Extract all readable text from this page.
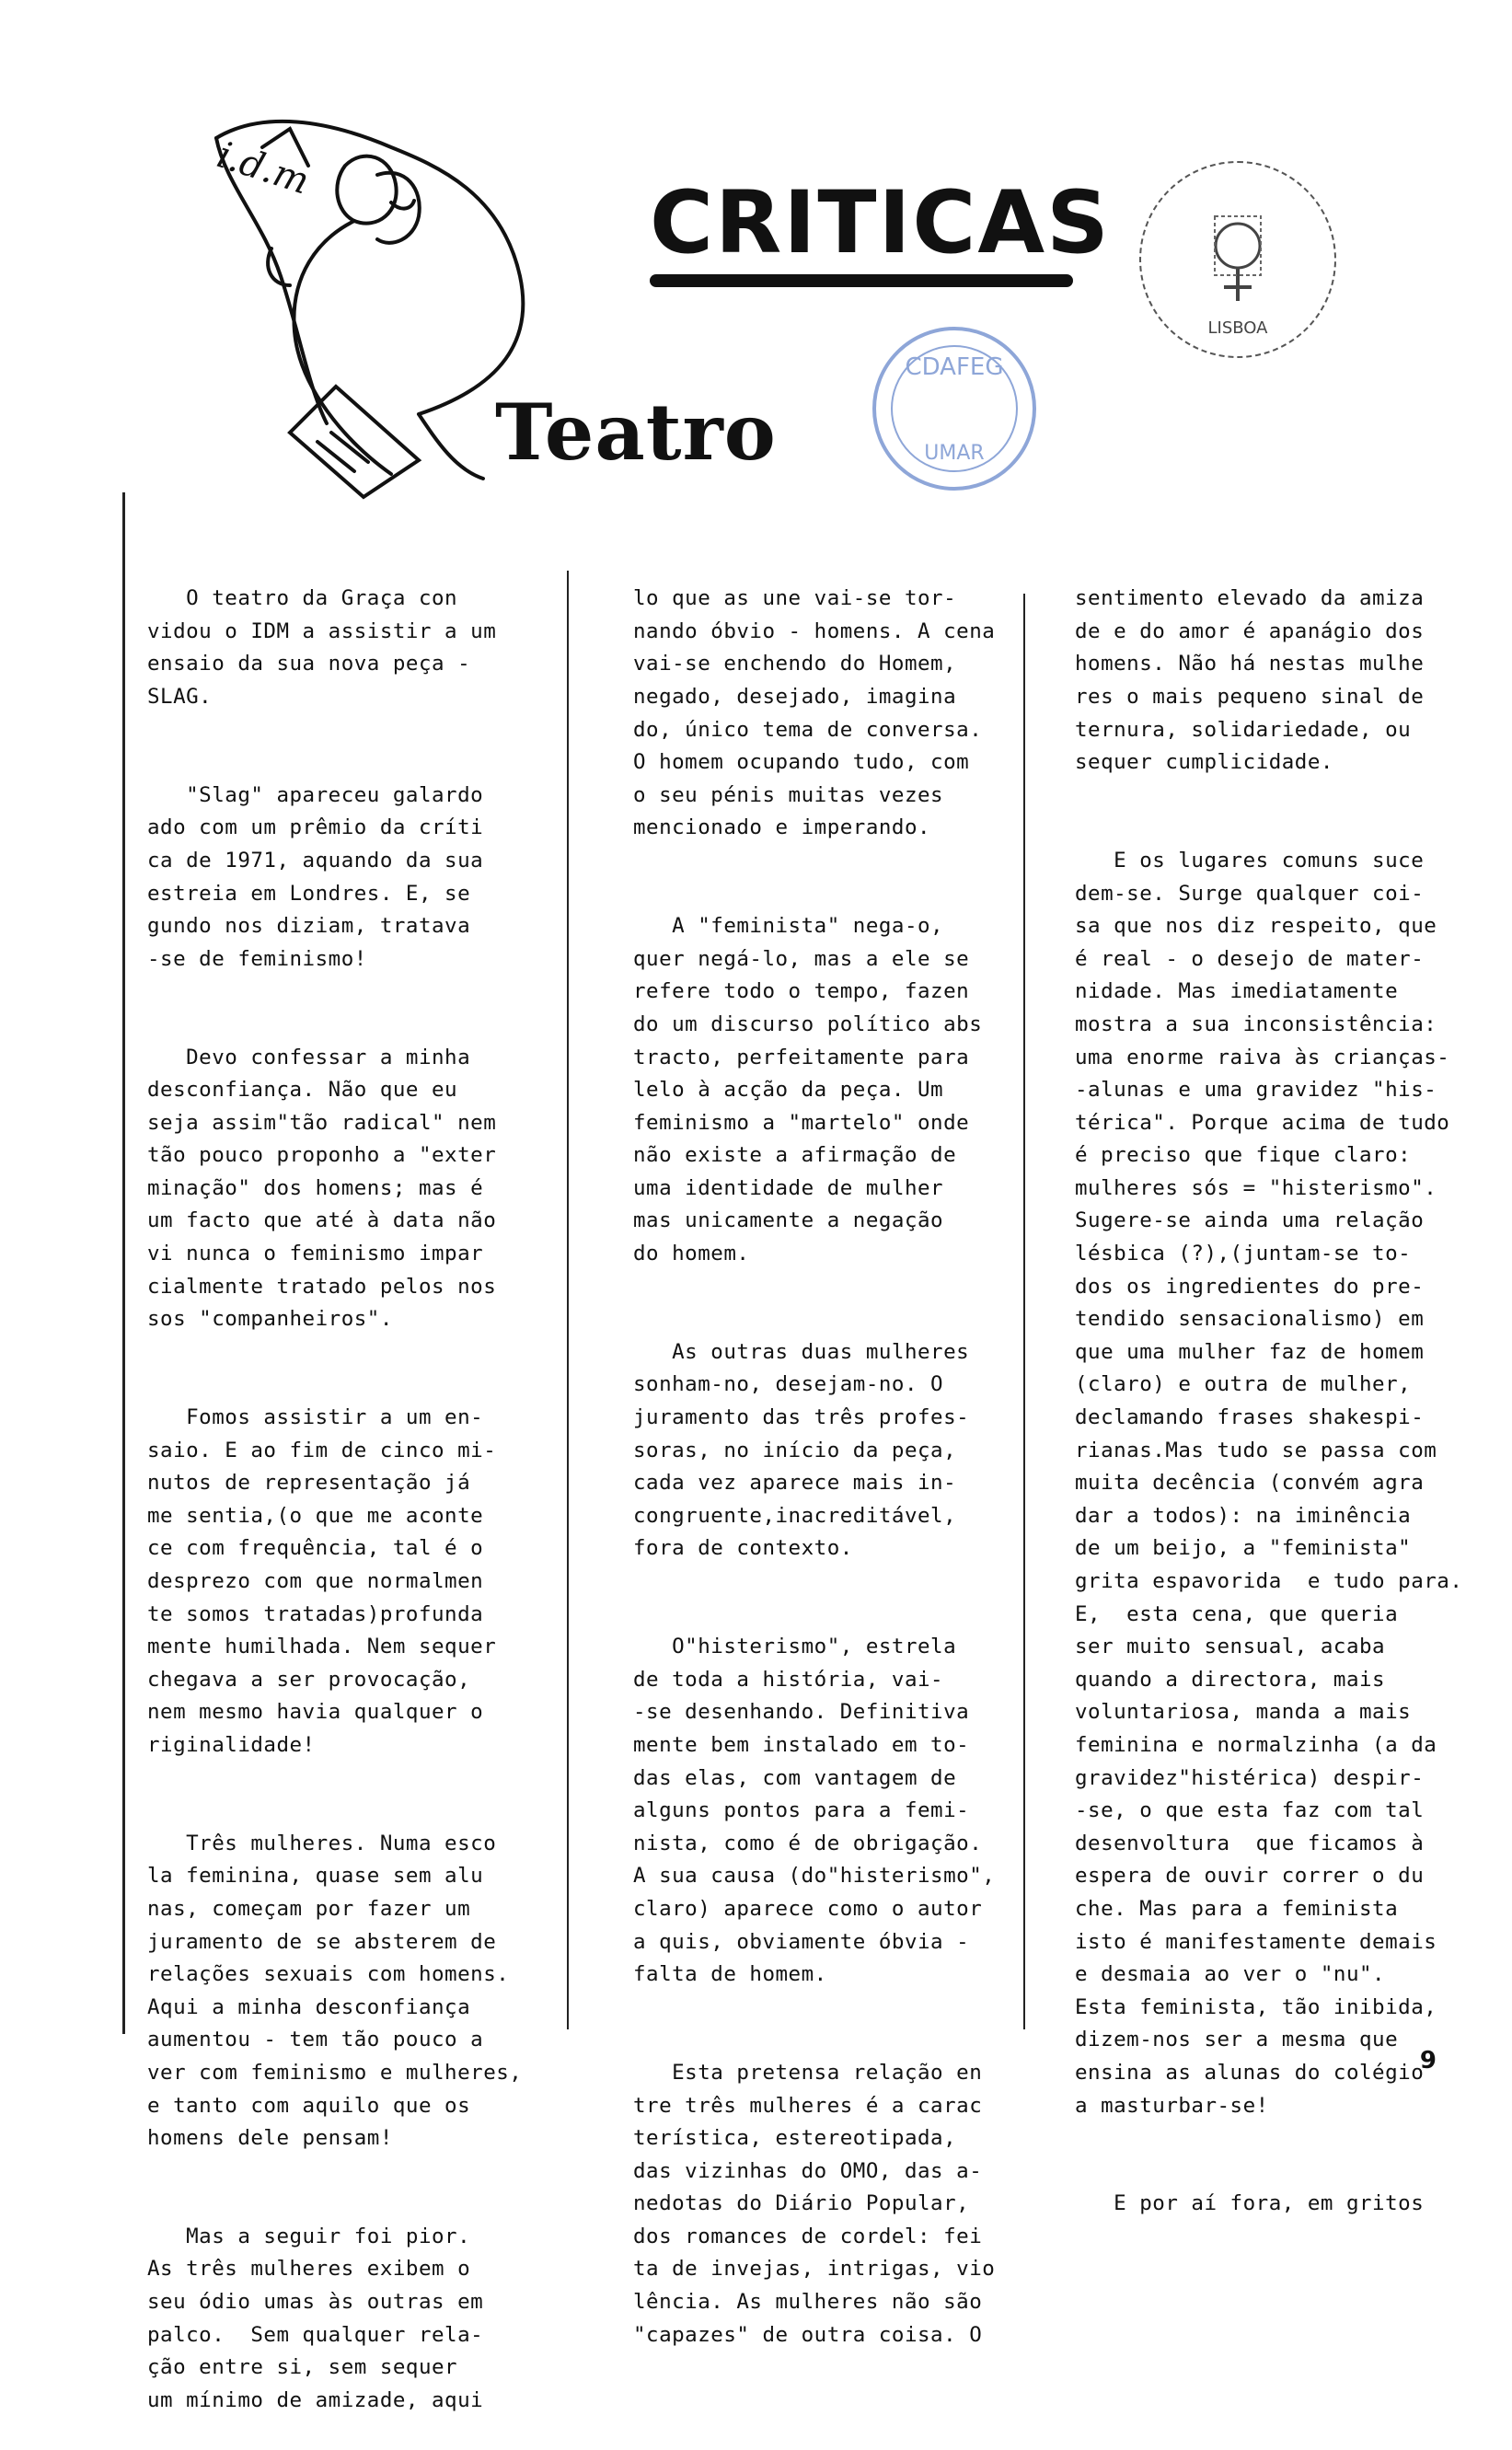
i.d.m
Teatro
CRITICAS
CDAFEG
UMAR
LISBOA

O teatro da Graça con
vidou o IDM a assistir a um
ensaio da sua nova peça -
SLAG.

"Slag" apareceu galardo
ado com um prêmio da críti
ca de 1971, aquando da sua
estreia em Londres. E, se
gundo nos diziam, tratava
-se de feminismo!

Devo confessar a minha
desconfiança. Não que eu
seja assim"tão radical" nem
tão pouco proponho a "exter
minação" dos homens; mas é
um facto que até à data não
vi nunca o feminismo impar
cialmente tratado pelos nos
sos "companheiros".

Fomos assistir a um en-
saio. E ao fim de cinco mi-
nutos de representação já
me sentia,(o que me aconte
ce com frequência, tal é o
desprezo com que normalmen
te somos tratadas)profunda
mente humilhada. Nem sequer
chegava a ser provocação,
nem mesmo havia qualquer o
riginalidade!

Três mulheres. Numa esco
la feminina, quase sem alu
nas, começam por fazer um
juramento de se absterem de
relações sexuais com homens.
Aqui a minha desconfiança
aumentou - tem tão pouco a
ver com feminismo e mulheres,
e tanto com aquilo que os
homens dele pensam!

Mas a seguir foi pior.
As três mulheres exibem o
seu ódio umas às outras em
palco.  Sem qualquer rela-
ção entre si, sem sequer
um mínimo de amizade, aqui

lo que as une vai-se tor-
nando óbvio - homens. A cena
vai-se enchendo do Homem,
negado, desejado, imagina
do, único tema de conversa.
O homem ocupando tudo, com
o seu pénis muitas vezes
mencionado e imperando.

A "feminista" nega-o,
quer negá-lo, mas a ele se
refere todo o tempo, fazen
do um discurso político abs
tracto, perfeitamente para
lelo à acção da peça. Um
feminismo a "martelo" onde
não existe a afirmação de
uma identidade de mulher
mas unicamente a negação
do homem.

As outras duas mulheres
sonham-no, desejam-no. O
juramento das três profes-
soras, no início da peça,
cada vez aparece mais in-
congruente,inacreditável,
fora de contexto.

O"histerismo", estrela
de toda a história, vai-
-se desenhando. Definitiva
mente bem instalado em to-
das elas, com vantagem de
alguns pontos para a femi-
nista, como é de obrigação.
A sua causa (do"histerismo",
claro) aparece como o autor
a quis, obviamente óbvia -
falta de homem.

Esta pretensa relação en
tre três mulheres é a carac
terística, estereotipada,
das vizinhas do OMO, das a-
nedotas do Diário Popular,
dos romances de cordel: fei
ta de invejas, intrigas, vio
lência. As mulheres não são
"capazes" de outra coisa. O

sentimento elevado da amiza
de e do amor é apanágio dos
homens. Não há nestas mulhe
res o mais pequeno sinal de
ternura, solidariedade, ou
sequer cumplicidade.

E os lugares comuns suce
dem-se. Surge qualquer coi-
sa que nos diz respeito, que
é real - o desejo de mater-
nidade. Mas imediatamente
mostra a sua inconsistência:
uma enorme raiva às crianças-
-alunas e uma gravidez "his-
térica". Porque acima de tudo
é preciso que fique claro:
mulheres sós = "histerismo".
Sugere-se ainda uma relação
lésbica (?),(juntam-se to-
dos os ingredientes do pre-
tendido sensacionalismo) em
que uma mulher faz de homem
(claro) e outra de mulher,
declamando frases shakespi-
rianas.Mas tudo se passa com
muita decência (convém agra
dar a todos): na iminência
de um beijo, a "feminista"
grita espavorida  e tudo para.
E,  esta cena, que queria
ser muito sensual, acaba
quando a directora, mais
voluntariosa, manda a mais
feminina e normalzinha (a da
gravidez"histérica) despir-
-se, o que esta faz com tal
desenvoltura  que ficamos à
espera de ouvir correr o du
che. Mas para a feminista
isto é manifestamente demais
e desmaia ao ver o "nu".
Esta feminista, tão inibida,
dizem-nos ser a mesma que
ensina as alunas do colégio
a masturbar-se!

E por aí fora, em gritos

9
